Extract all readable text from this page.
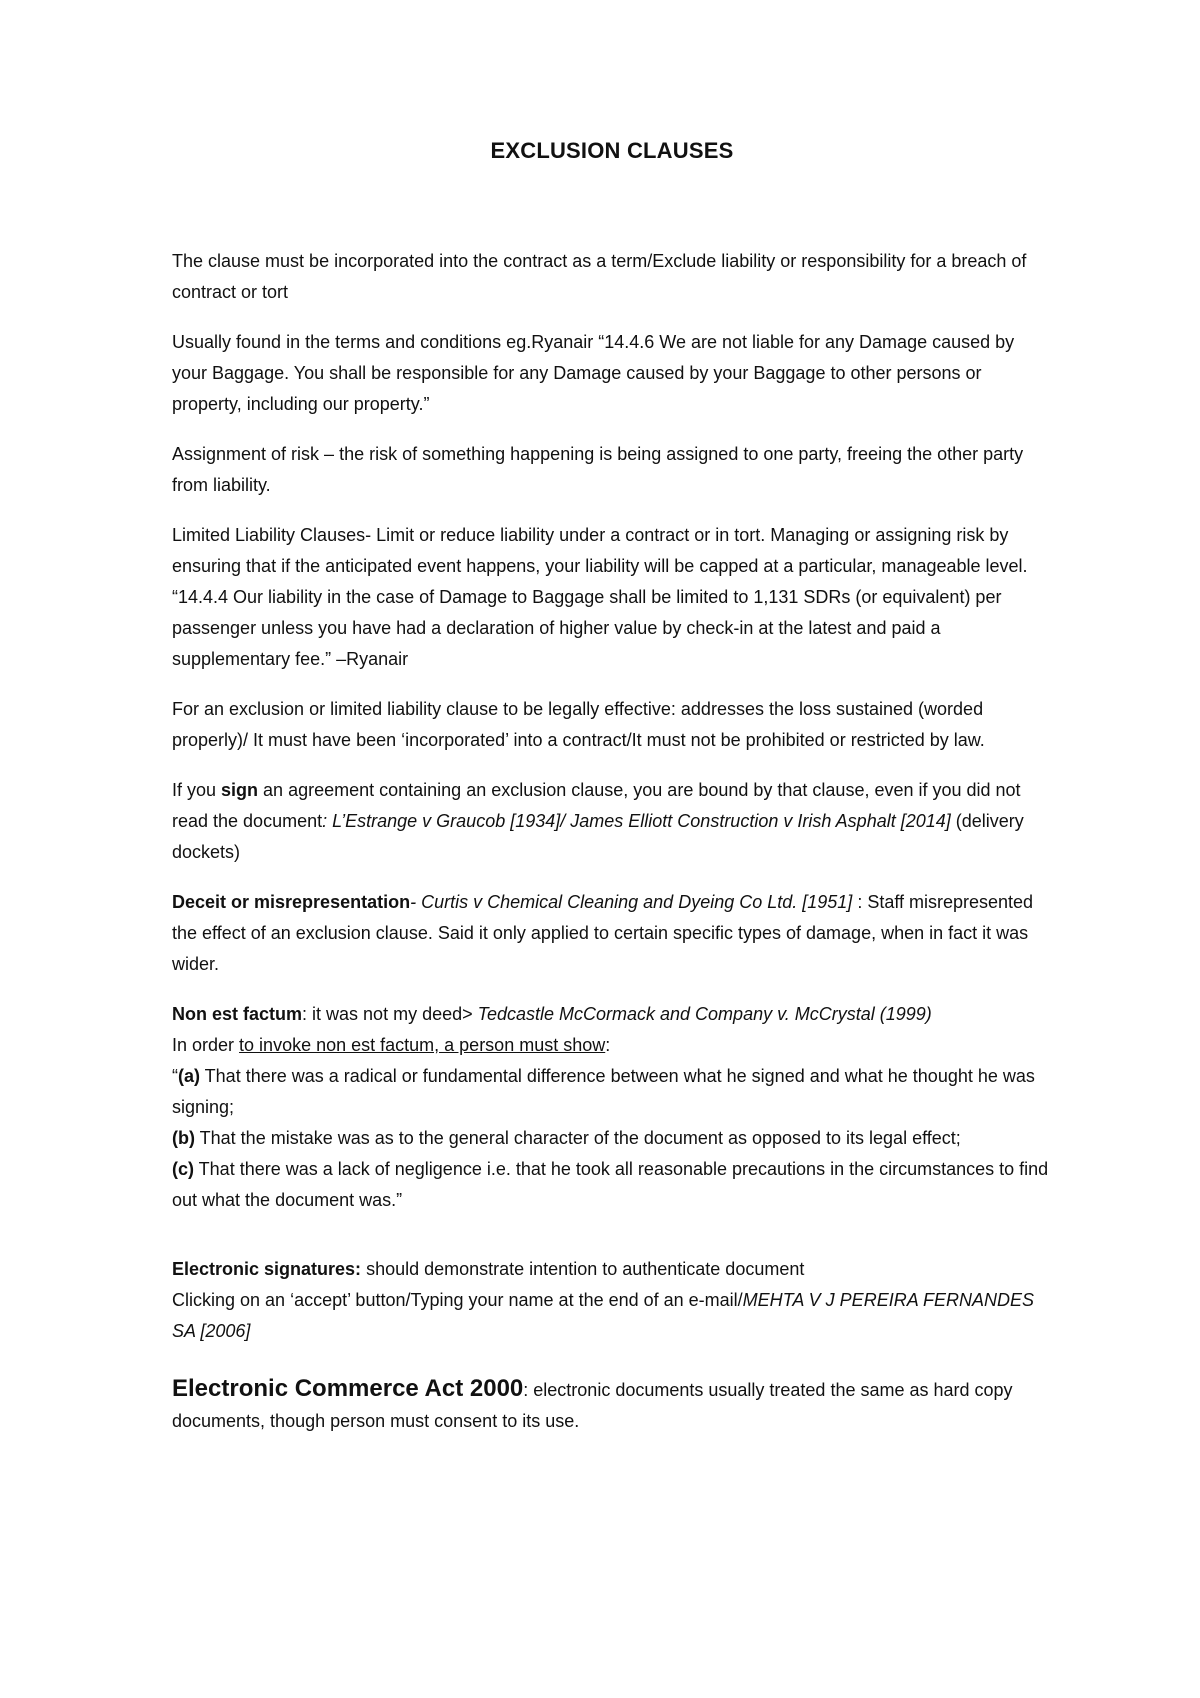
EXCLUSION CLAUSES

The clause must be incorporated into the contract as a term/Exclude liability or responsibility for a breach of contract or tort

Usually found in the terms and conditions eg.Ryanair “14.4.6 We are not liable for any Damage caused by your Baggage. You shall be responsible for any Damage caused by your Baggage to other persons or property, including our property.”

Assignment of risk – the risk of something happening is being assigned to one party, freeing the other party from liability.

Limited Liability Clauses- Limit or reduce liability under a contract or in tort. Managing or assigning risk by ensuring that if the anticipated event happens, your liability will be capped at a particular, manageable level. “14.4.4 Our liability in the case of Damage to Baggage shall be limited to 1,131 SDRs (or equivalent) per passenger unless you have had a declaration of higher value by check-in at the latest and paid a supplementary fee.” –Ryanair

For an exclusion or limited liability clause to be legally effective: addresses the loss sustained (worded properly)/ It must have been ‘incorporated’ into a contract/It must not be prohibited or restricted by law.

If you sign an agreement containing an exclusion clause, you are bound by that clause, even if you did not read the document: L’Estrange v Graucob [1934]/ James Elliott Construction v Irish Asphalt [2014] (delivery dockets)

Deceit or misrepresentation- Curtis v Chemical Cleaning and Dyeing Co Ltd. [1951] : Staff misrepresented the effect of an exclusion clause. Said it only applied to certain specific types of damage, when in fact it was wider.

Non est factum: it was not my deed> Tedcastle McCormack and Company v. McCrystal (1999)
In order to invoke non est factum, a person must show:
“(a) That there was a radical or fundamental difference between what he signed and what he thought he was signing;
(b) That the mistake was as to the general character of the document as opposed to its legal effect;
(c) That there was a lack of negligence i.e. that he took all reasonable precautions in the circumstances to find out what the document was.”

Electronic signatures: should demonstrate intention to authenticate document
Clicking on an ‘accept’ button/Typing your name at the end of an e-mail/MEHTA V J PEREIRA FERNANDES SA [2006]

Electronic Commerce Act 2000: electronic documents usually treated the same as hard copy documents, though person must consent to its use.
